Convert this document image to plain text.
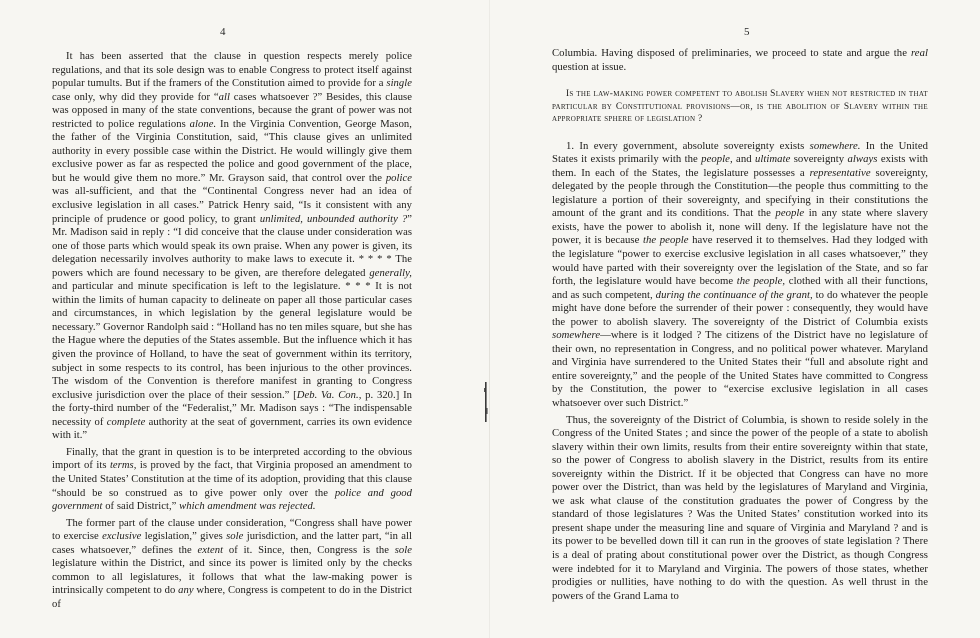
4

It has been asserted that the clause in question respects merely police regulations, and that its sole design was to enable Congress to protect itself against popular tumults. But if the framers of the Constitution aimed to provide for a single case only, why did they provide for “all cases whatsoever ?” Besides, this clause was opposed in many of the state conventions, because the grant of power was not restricted to police regulations alone. In the Virginia Convention, George Mason, the father of the Virginia Constitution, said, “This clause gives an unlimited authority in every possible case within the District. He would willingly give them exclusive power as far as respected the police and good government of the place, but he would give them no more.” Mr. Grayson said, that control over the police was all-sufficient, and that the “Continental Congress never had an idea of exclusive legislation in all cases.” Patrick Henry said, “Is it consistent with any principle of prudence or good policy, to grant unlimited, unbounded authority ?” Mr. Madison said in reply : “I did conceive that the clause under consideration was one of those parts which would speak its own praise. When any power is given, its delegation necessarily involves authority to make laws to execute it. * * * * The powers which are found necessary to be given, are therefore delegated generally, and particular and minute specification is left to the legislature. * * * It is not within the limits of human capacity to delineate on paper all those particular cases and circumstances, in which legislation by the general legislature would be necessary.” Governor Randolph said : “Holland has no ten miles square, but she has the Hague where the deputies of the States assemble. But the influence which it has given the province of Holland, to have the seat of government within its territory, subject in some respects to its control, has been injurious to the other provinces. The wisdom of the Convention is therefore manifest in granting to Congress exclusive jurisdiction over the place of their session.” [Deb. Va. Con., p. 320.] In the forty-third number of the “Federalist,” Mr. Madison says : “The indispensable necessity of complete authority at the seat of government, carries its own evidence with it.”

Finally, that the grant in question is to be interpreted according to the obvious import of its terms, is proved by the fact, that Virginia proposed an amendment to the United States’ Constitution at the time of its adoption, providing that this clause “should be so construed as to give power only over the police and good government of said District,” which amendment was rejected.

The former part of the clause under consideration, “Congress shall have power to exercise exclusive legislation,” gives sole jurisdiction, and the latter part, “in all cases whatsoever,” defines the extent of it. Since, then, Congress is the sole legislature within the District, and since its power is limited only by the checks common to all legislatures, it follows that what the law-making power is intrinsically competent to do any where, Congress is competent to do in the District of

5

Columbia. Having disposed of preliminaries, we proceed to state and argue the real question at issue.

Is the law-making power competent to abolish Slavery when not restricted in that particular by Constitutional provisions—or, is the abolition of Slavery within the appropriate sphere of legislation ?

1. In every government, absolute sovereignty exists somewhere. In the United States it exists primarily with the people, and ultimate sovereignty always exists with them. In each of the States, the legislature possesses a representative sovereignty, delegated by the people through the Constitution—the people thus committing to the legislature a portion of their sovereignty, and specifying in their constitutions the amount of the grant and its conditions. That the people in any state where slavery exists, have the power to abolish it, none will deny. If the legislature have not the power, it is because the people have reserved it to themselves. Had they lodged with the legislature “power to exercise exclusive legislation in all cases whatsoever,” they would have parted with their sovereignty over the legislation of the State, and so far forth, the legislature would have become the people, clothed with all their functions, and as such competent, during the continuance of the grant, to do whatever the people might have done before the surrender of their power : consequently, they would have the power to abolish slavery. The sovereignty of the District of Columbia exists somewhere—where is it lodged ? The citizens of the District have no legislature of their own, no representation in Congress, and no political power whatever. Maryland and Virginia have surrendered to the United States their “full and absolute right and entire sovereignty,” and the people of the United States have committed to Congress by the Constitution, the power to “exercise exclusive legislation in all cases whatsoever over such District.”

Thus, the sovereignty of the District of Columbia, is shown to reside solely in the Congress of the United States ; and since the power of the people of a state to abolish slavery within their own limits, results from their entire sovereignty within that state, so the power of Congress to abolish slavery in the District, results from its entire sovereignty within the District. If it be objected that Congress can have no more power over the District, than was held by the legislatures of Maryland and Virginia, we ask what clause of the constitution graduates the power of Congress by the standard of those legislatures ? Was the United States’ constitution worked into its present shape under the measuring line and square of Virginia and Maryland ? and is its power to be bevelled down till it can run in the grooves of state legislation ? There is a deal of prating about constitutional power over the District, as though Congress were indebted for it to Maryland and Virginia. The powers of those states, whether prodigies or nullities, have nothing to do with the question. As well thrust in the powers of the Grand Lama to
